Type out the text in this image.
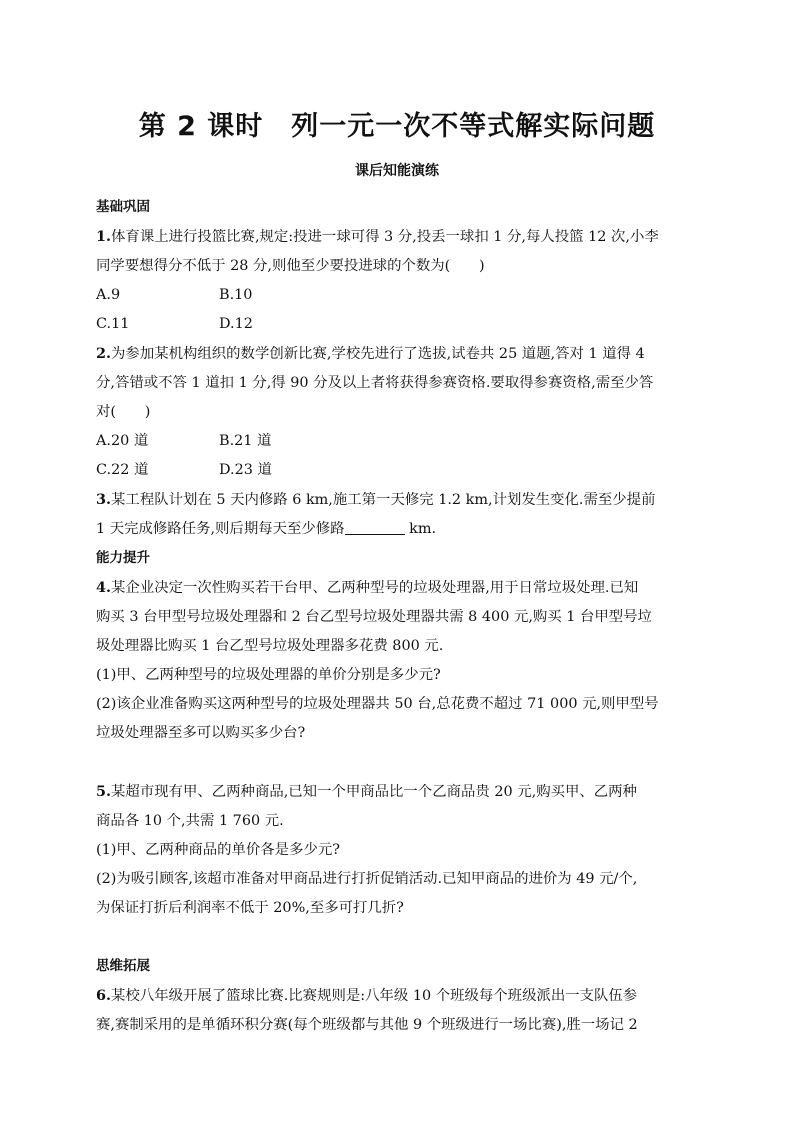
第 2 课时　列一元一次不等式解实际问题
课后知能演练
基础巩固

1.体育课上进行投篮比赛,规定:投进一球可得 3 分,投丢一球扣 1 分,每人投篮 12 次,小李

同学要想得分不低于 28 分,则他至少要投进球的个数为(　　)

A.9	B.10
C.11	D.12

2.为参加某机构组织的数学创新比赛,学校先进行了选拔,试卷共 25 道题,答对 1 道得 4

分,答错或不答 1 道扣 1 分,得 90 分及以上者将获得参赛资格.要取得参赛资格,需至少答

对(　　)

A.20 道	B.21 道
C.22 道	D.23 道

3.某工程队计划在 5 天内修路 6 km,施工第一天修完 1.2 km,计划发生变化.需至少提前

1 天完成修路任务,则后期每天至少修路	km.

能力提升

4.某企业决定一次性购买若干台甲、乙两种型号的垃圾处理器,用于日常垃圾处理.已知

购买 3 台甲型号垃圾处理器和 2 台乙型号垃圾处理器共需 8 400 元,购买 1 台甲型号垃

圾处理器比购买 1 台乙型号垃圾处理器多花费 800 元.

(1)甲、乙两种型号的垃圾处理器的单价分别是多少元?

(2)该企业准备购买这两种型号的垃圾处理器共 50 台,总花费不超过 71 000 元,则甲型号

垃圾处理器至多可以购买多少台?

5.某超市现有甲、乙两种商品,已知一个甲商品比一个乙商品贵 20 元,购买甲、乙两种

商品各 10 个,共需 1 760 元.

(1)甲、乙两种商品的单价各是多少元?

(2)为吸引顾客,该超市准备对甲商品进行打折促销活动.已知甲商品的进价为 49 元/个,

为保证打折后利润率不低于 20%,至多可打几折?

思维拓展

6.某校八年级开展了篮球比赛.比赛规则是:八年级 10 个班级每个班级派出一支队伍参

赛,赛制采用的是单循环积分赛(每个班级都与其他 9 个班级进行一场比赛),胜一场记 2
